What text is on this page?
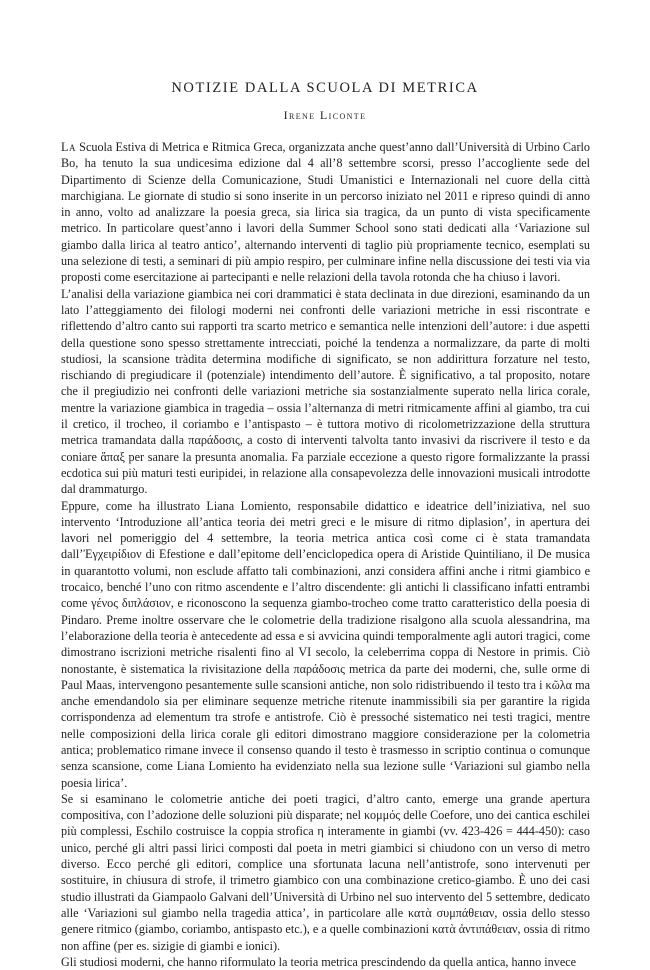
NOTIZIE DALLA SCUOLA DI METRICA
Irene Liconte

La Scuola Estiva di Metrica e Ritmica Greca, organizzata anche quest’anno dall’Università di Urbino Carlo Bo, ha tenuto la sua undicesima edizione dal 4 all’8 settembre scorsi, presso l’accogliente sede del Dipartimento di Scienze della Comunicazione, Studi Umanistici e Internazionali nel cuore della città marchigiana. Le giornate di studio si sono inserite in un percorso iniziato nel 2011 e ripreso quindi di anno in anno, volto ad analizzare la poesia greca, sia lirica sia tragica, da un punto di vista specificamente metrico. In particolare quest’anno i lavori della Summer School sono stati dedicati alla ‘Variazione sul giambo dalla lirica al teatro antico’, alternando interventi di taglio più propriamente tecnico, esemplati su una selezione di testi, a seminari di più ampio respiro, per culminare infine nella discussione dei testi via via proposti come esercitazione ai partecipanti e nelle relazioni della tavola rotonda che ha chiuso i lavori.

L’analisi della variazione giambica nei cori drammatici è stata declinata in due direzioni, esaminando da un lato l’atteggiamento dei filologi moderni nei confronti delle variazioni metriche in essi riscontrate e riflettendo d’altro canto sui rapporti tra scarto metrico e semantica nelle intenzioni dell’autore: i due aspetti della questione sono spesso strettamente intrecciati, poiché la tendenza a normalizzare, da parte di molti studiosi, la scansione tràdita determina modifiche di significato, se non addirittura forzature nel testo, rischiando di pregiudicare il (potenziale) intendimento dell’autore. È significativo, a tal proposito, notare che il pregiudizio nei confronti delle variazioni metriche sia sostanzialmente superato nella lirica corale, mentre la variazione giambica in tragedia – ossia l’alternanza di metri ritmicamente affini al giambo, tra cui il cretico, il trocheo, il coriambo e l’antispasto – è tuttora motivo di ricolometrizzazione della struttura metrica tramandata dalla παράδοσις, a costo di interventi talvolta tanto invasivi da riscrivere il testo e da coniare ἅπαξ per sanare la presunta anomalia. Fa parziale eccezione a questo rigore formalizzante la prassi ecdotica sui più maturi testi euripidei, in relazione alla consapevolezza delle innovazioni musicali introdotte dal drammaturgo.

Eppure, come ha illustrato Liana Lomiento, responsabile didattico e ideatrice dell’iniziativa, nel suo intervento ‘Introduzione all’antica teoria dei metri greci e le misure di ritmo diplasion’, in apertura dei lavori nel pomeriggio del 4 settembre, la teoria metrica antica così come ci è stata tramandata dall’Ἐγχειρίδιον di Efestione e dall’epitome dell’enciclopedica opera di Aristide Quintiliano, il De musica in quarantotto volumi, non esclude affatto tali combinazioni, anzi considera affini anche i ritmi giambico e trocaico, benché l’uno con ritmo ascendente e l’altro discendente: gli antichi li classificano infatti entrambi come γένος διπλάσιον, e riconoscono la sequenza giambo-trocheo come tratto caratteristico della poesia di Pindaro. Preme inoltre osservare che le colometrie della tradizione risalgono alla scuola alessandrina, ma l’elaborazione della teoria è antecedente ad essa e si avvicina quindi temporalmente agli autori tragici, come dimostrano iscrizioni metriche risalenti fino al VI secolo, la celeberrima coppa di Nestore in primis. Ciò nonostante, è sistematica la rivisitazione della παράδοσις metrica da parte dei moderni, che, sulle orme di Paul Maas, intervengono pesantemente sulle scansioni antiche, non solo ridistribuendo il testo tra i κῶλα ma anche emendandolo sia per eliminare sequenze metriche ritenute inammissibili sia per garantire la rigida corrispondenza ad elementum tra strofe e antistrofe. Ciò è pressoché sistematico nei testi tragici, mentre nelle composizioni della lirica corale gli editori dimostrano maggiore considerazione per la colometria antica; problematico rimane invece il consenso quando il testo è trasmesso in scriptio continua o comunque senza scansione, come Liana Lomiento ha evidenziato nella sua lezione sulle ‘Variazioni sul giambo nella poesia lirica’.

Se si esaminano le colometrie antiche dei poeti tragici, d’altro canto, emerge una grande apertura compositiva, con l’adozione delle soluzioni più disparate; nel κομμός delle Coefore, uno dei cantica eschilei più complessi, Eschilo costruisce la coppia strofica η interamente in giambi (vv. 423-426 = 444-450): caso unico, perché gli altri passi lirici composti dal poeta in metri giambici si chiudono con un verso di metro diverso. Ecco perché gli editori, complice una sfortunata lacuna nell’antistrofe, sono intervenuti per sostituire, in chiusura di strofe, il trimetro giambico con una combinazione cretico-giambo. È uno dei casi studio illustrati da Giampaolo Galvani dell’Università di Urbino nel suo intervento del 5 settembre, dedicato alle ‘Variazioni sul giambo nella tragedia attica’, in particolare alle κατὰ συμπάθειαν, ossia dello stesso genere ritmico (giambo, coriambo, antispasto etc.), e a quelle combinazioni κατὰ ἀντιπάθειαν, ossia di ritmo non affine (per es. sizigie di giambi e ionici).

Gli studiosi moderni, che hanno riformulato la teoria metrica prescindendo da quella antica, hanno invece
